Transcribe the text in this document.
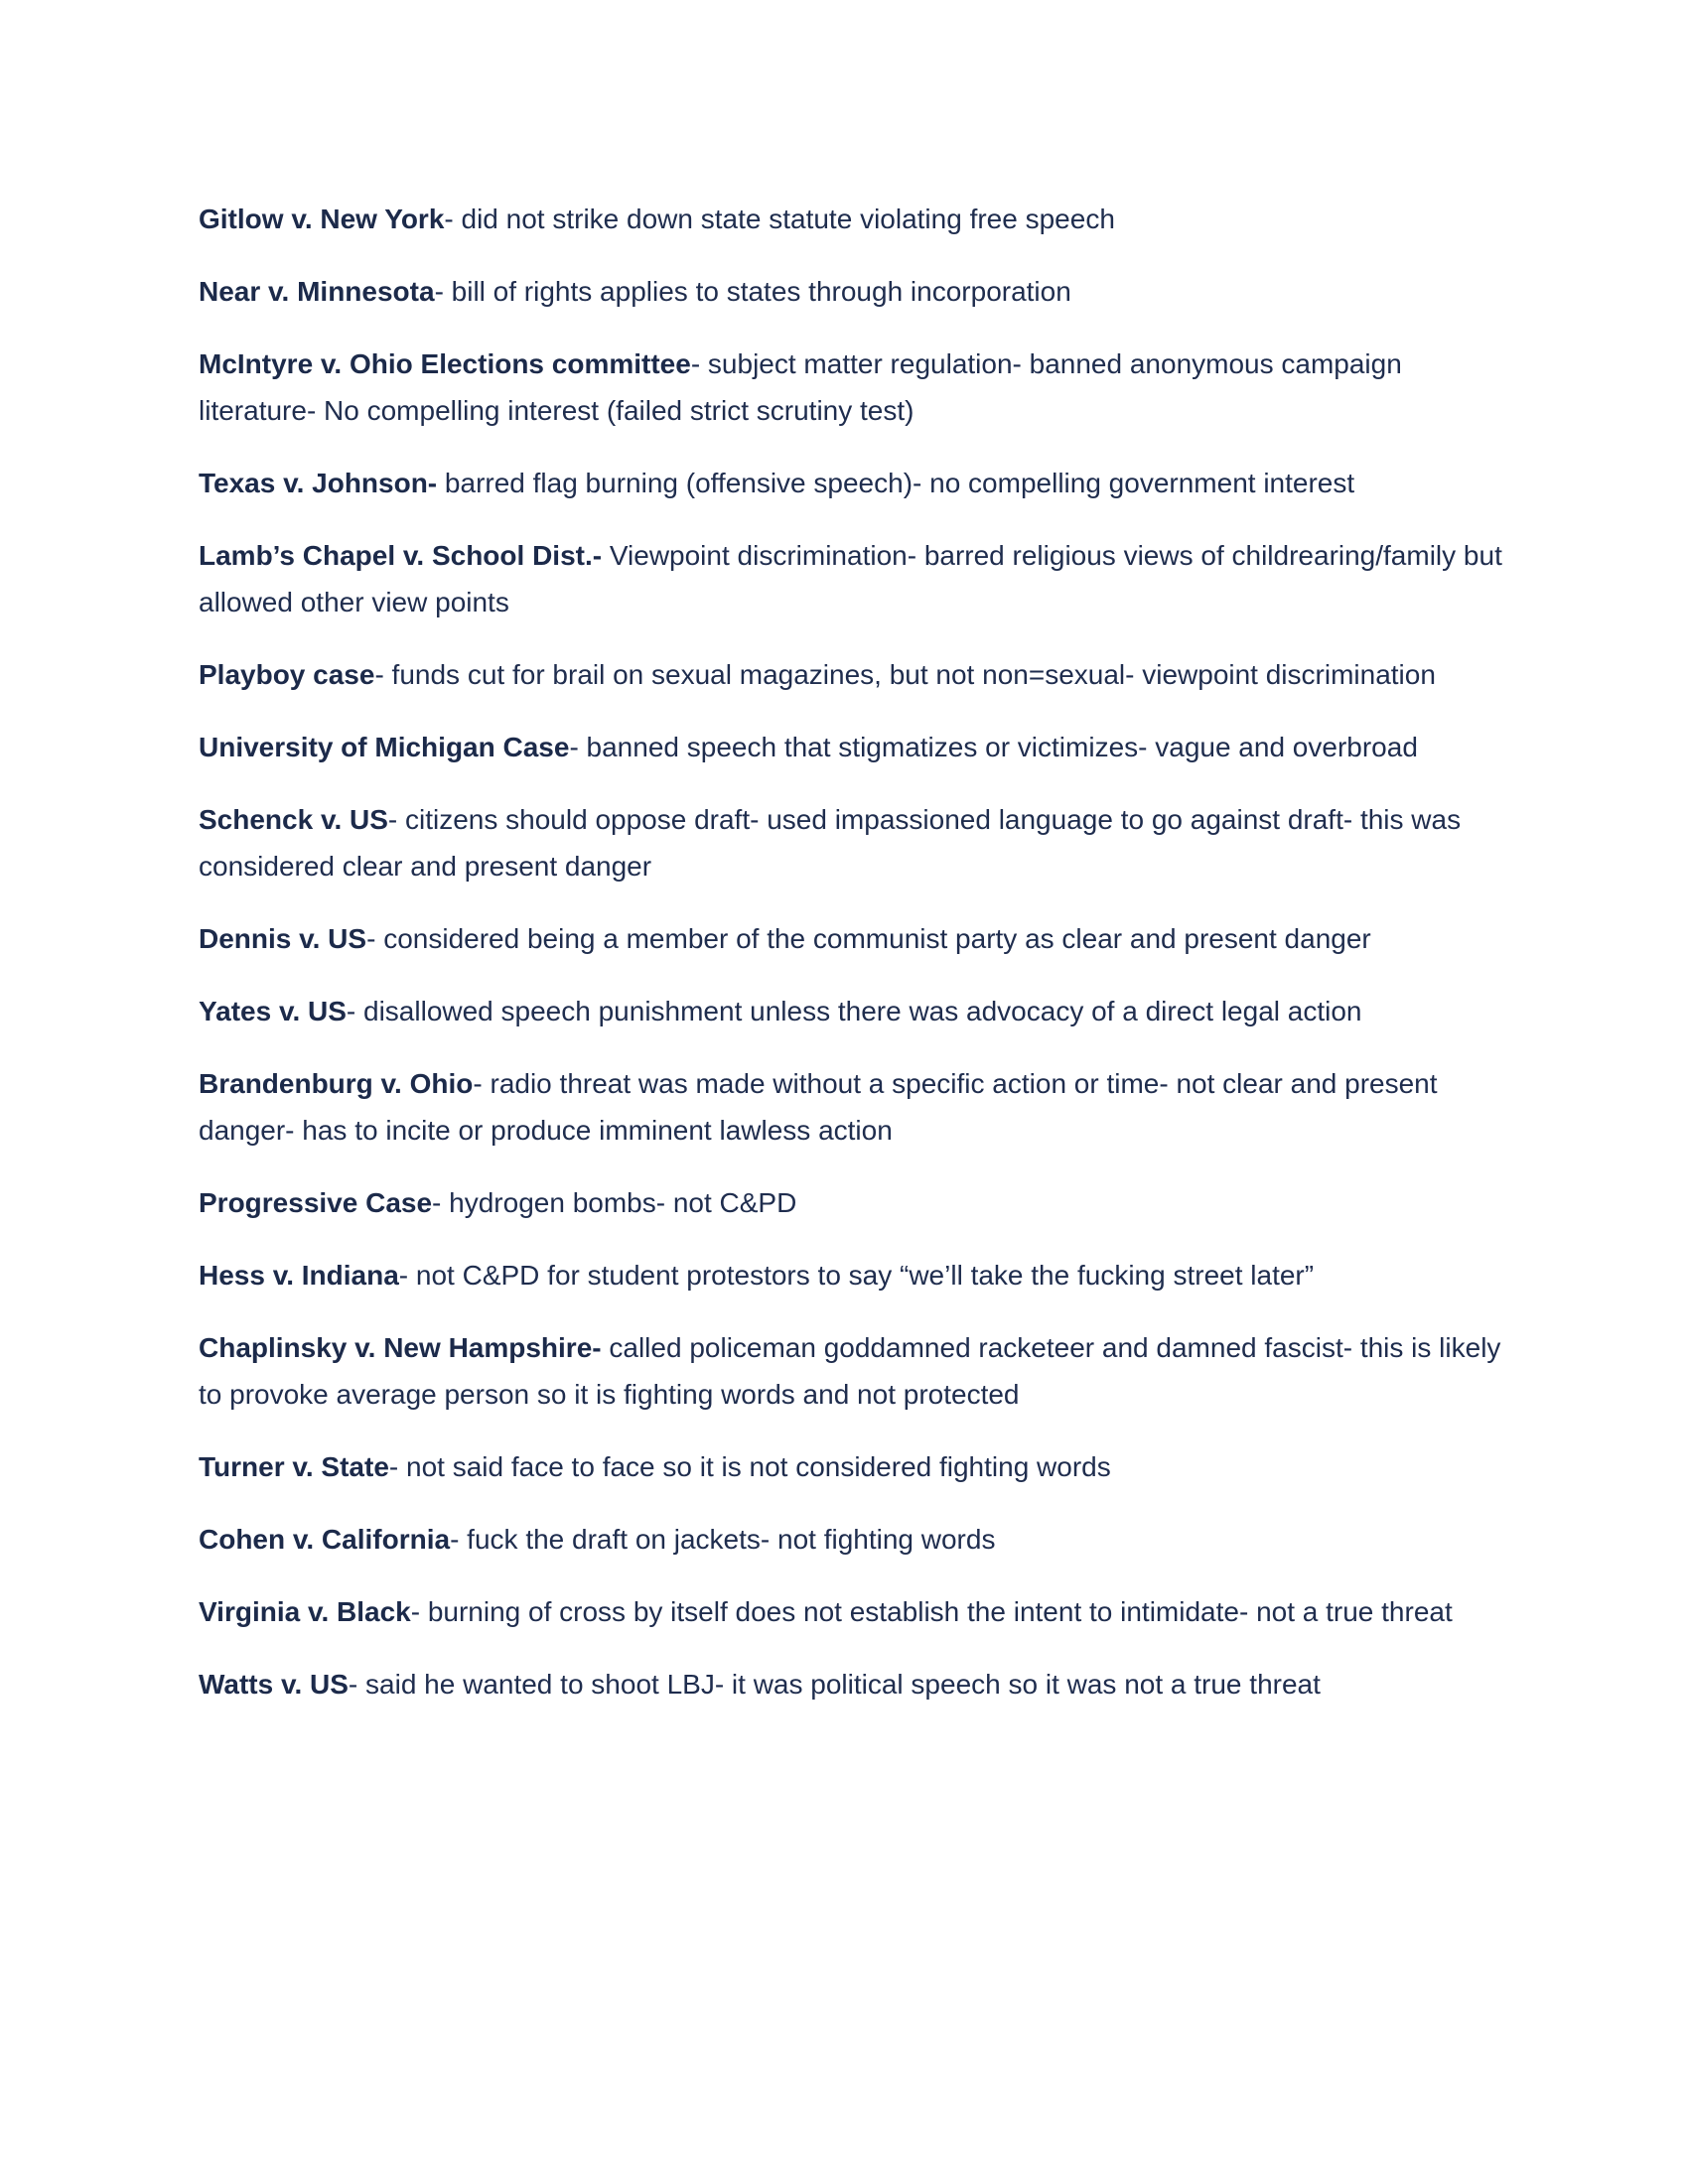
Gitlow v. New York- did not strike down state statute violating free speech

Near v. Minnesota- bill of rights applies to states through incorporation

McIntyre v. Ohio Elections committee- subject matter regulation- banned anonymous campaign literature- No compelling interest (failed strict scrutiny test)

Texas v. Johnson- barred flag burning (offensive speech)- no compelling government interest

Lamb’s Chapel v. School Dist.- Viewpoint discrimination- barred religious views of childrearing/family but allowed other view points

Playboy case- funds cut for brail on sexual magazines, but not non=sexual- viewpoint discrimination

University of Michigan Case- banned speech that stigmatizes or victimizes- vague and overbroad

Schenck v. US- citizens should oppose draft- used impassioned language to go against draft- this was considered clear and present danger

Dennis v. US- considered being a member of the communist party as clear and present danger

Yates v. US- disallowed speech punishment unless there was advocacy of a direct legal action

Brandenburg v. Ohio- radio threat was made without a specific action or time- not clear and present danger- has to incite or produce imminent lawless action

Progressive Case- hydrogen bombs- not C&PD

Hess v. Indiana- not C&PD for student protestors to say “we’ll take the fucking street later”

Chaplinsky v. New Hampshire- called policeman goddamned racketeer and damned fascist- this is likely to provoke average person so it is fighting words and not protected

Turner v. State- not said face to face so it is not considered fighting words

Cohen v. California- fuck the draft on jackets- not fighting words

Virginia v. Black- burning of cross by itself does not establish the intent to intimidate- not a true threat

Watts v. US- said he wanted to shoot LBJ- it was political speech so it was not a true threat
